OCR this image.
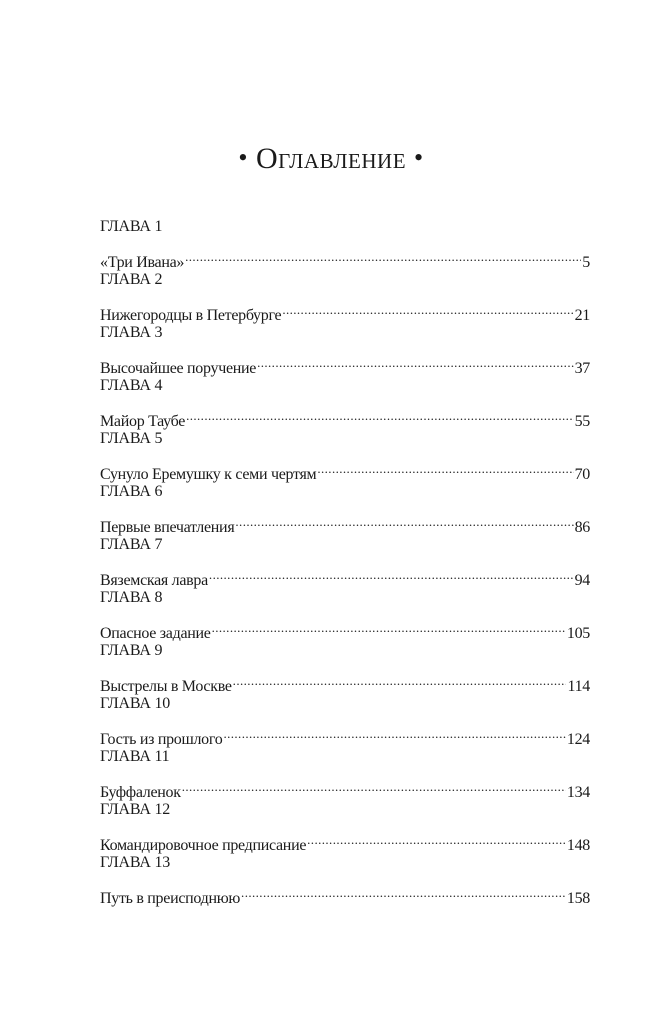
• Оглавление •
ГЛАВА 1
«Три Ивана» .....	5
ГЛАВА 2
Нижегородцы в Петербурге .....	21
ГЛАВА 3
Высочайшее поручение .....	37
ГЛАВА 4
Майор Таубе .....	55
ГЛАВА 5
Сунуло Еремушку к семи чертям .....	70
ГЛАВА 6
Первые впечатления .....	86
ГЛАВА 7
Вяземская лавра .....	94
ГЛАВА 8
Опасное задание .....	105
ГЛАВА 9
Выстрелы в Москве .....	114
ГЛАВА 10
Гость из прошлого .....	124
ГЛАВА 11
Буффаленок .....	134
ГЛАВА 12
Командировочное предписание .....	148
ГЛАВА 13
Путь в преисподнюю .....	158
